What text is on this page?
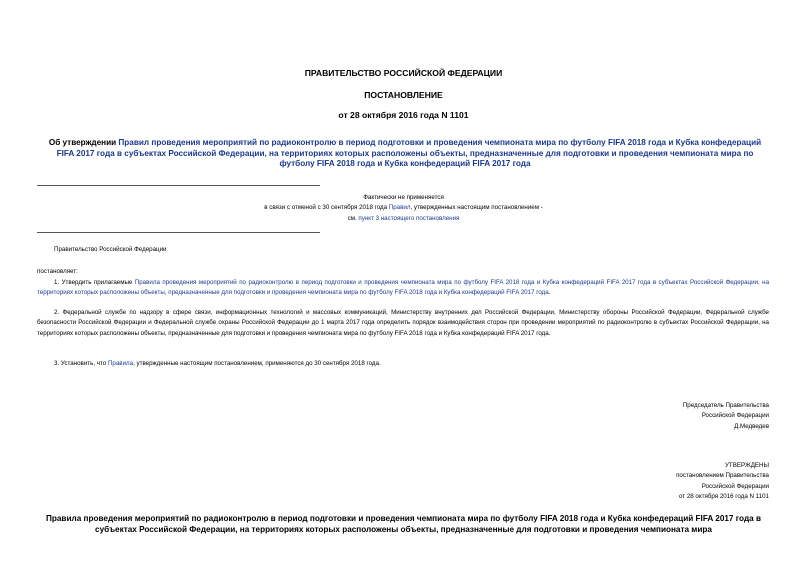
ПРАВИТЕЛЬСТВО РОССИЙСКОЙ ФЕДЕРАЦИИ
ПОСТАНОВЛЕНИЕ
от 28 октября 2016 года N 1101
Об утверждении Правил проведения мероприятий по радиоконтролю в период подготовки и проведения чемпионата мира по футболу FIFA 2018 года и Кубка конфедераций FIFA 2017 года в субъектах Российской Федерации, на территориях которых расположены объекты, предназначенные для подготовки и проведения чемпионата мира по футболу FIFA 2018 года и Кубка конфедераций FIFA 2017 года
Фактически не применяется
в связи с отменой с 30 сентября 2018 года Правил, утвержденных настоящим постановлением -
см. пункт 3 настоящего постановления
Правительство Российской Федерации
постановляет:
1. Утвердить прилагаемые Правила проведения мероприятий по радиоконтролю в период подготовки и проведения чемпионата мира по футболу FIFA 2018 года и Кубка конфедераций FIFA 2017 года в субъектах Российской Федерации, на территориях которых расположены объекты, предназначенные для подготовки и проведения чемпионата мира по футболу FIFA 2018 года и Кубка конфедераций FIFA 2017 года.
2. Федеральной службе по надзору в сфере связи, информационных технологий и массовых коммуникаций, Министерству внутренних дел Российской Федерации, Министерству обороны Российской Федерации, Федеральной службе безопасности Российской Федерации и Федеральной службе охраны Российской Федерации до 1 марта 2017 года определить порядок взаимодействия сторон при проведении мероприятий по радиоконтролю в субъектах Российской Федерации, на территориях которых расположены объекты, предназначенные для подготовки и проведения чемпионата мира по футболу FIFA 2018 года и Кубка конфедераций FIFA 2017 года.
3. Установить, что Правила, утвержденные настоящим постановлением, применяются до 30 сентября 2018 года.
Председатель Правительства
Российской Федерации
Д.Медведев
УТВЕРЖДЕНЫ
постановлением Правительства
Российской Федерации
от 28 октября 2016 года N 1101
Правила проведения мероприятий по радиоконтролю в период подготовки и проведения чемпионата мира по футболу FIFA 2018 года и Кубка конфедераций FIFA 2017 года в субъектах Российской Федерации, на территориях которых расположены объекты, предназначенные для подготовки и проведения чемпионата мира
